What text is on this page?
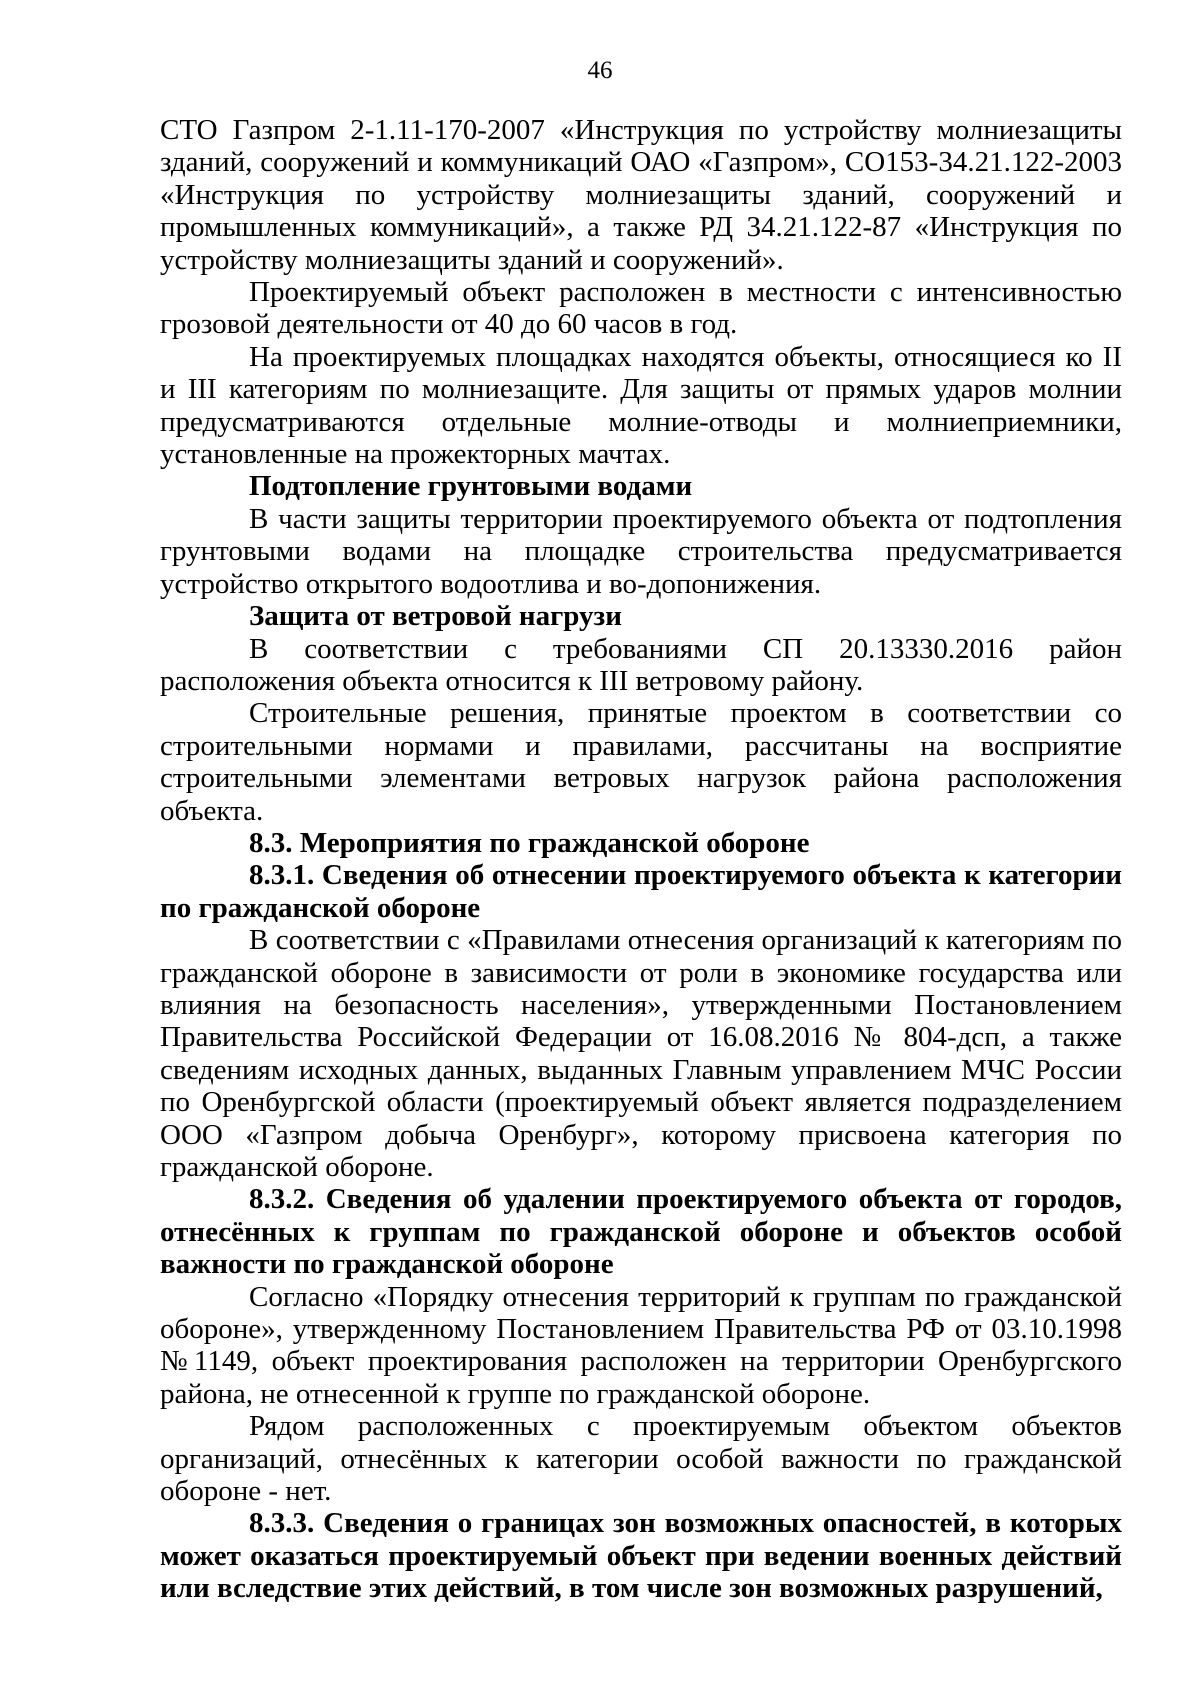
46

СТО Газпром 2-1.11-170-2007 «Инструкция по устройству молниезащиты зданий, сооружений и коммуникаций ОАО «Газпром», СО153-34.21.122-2003 «Инструкция по устройству молниезащиты зданий, сооружений и промышленных коммуникаций», а также РД 34.21.122-87 «Инструкция по устройству молниезащиты зданий и сооружений».

Проектируемый объект расположен в местности с интенсивностью грозовой деятельности от 40 до 60 часов в год.

На проектируемых площадках находятся объекты, относящиеся ко II и III категориям по молниезащите. Для защиты от прямых ударов молнии предусматриваются отдельные молние-отводы и молниеприемники, установленные на прожекторных мачтах.

Подтопление грунтовыми водами

В части защиты территории проектируемого объекта от подтопления грунтовыми водами на площадке строительства предусматривается устройство открытого водоотлива и во-допонижения.

Защита от ветровой нагрузи

В соответствии с требованиями СП 20.13330.2016 район расположения объекта относится к III ветровому району.

Строительные решения, принятые проектом в соответствии со строительными нормами и правилами, рассчитаны на восприятие строительными элементами ветровых нагрузок района расположения объекта.

8.3. Мероприятия по гражданской обороне

8.3.1. Сведения об отнесении проектируемого объекта к категории по гражданской обороне

В соответствии с «Правилами отнесения организаций к категориям по гражданской обороне в зависимости от роли в экономике государства или влияния на безопасность населения», утвержденными Постановлением Правительства Российской Федерации от 16.08.2016 № 804-дсп, а также сведениям исходных данных, выданных Главным управлением МЧС России по Оренбургской области (проектируемый объект является подразделением ООО «Газпром добыча Оренбург», которому присвоена категория по гражданской обороне.

8.3.2. Сведения об удалении проектируемого объекта от городов, отнесённых к группам по гражданской обороне и объектов особой важности по гражданской обороне

Согласно «Порядку отнесения территорий к группам по гражданской обороне», утвержденному Постановлением Правительства РФ от 03.10.1998 №1149, объект проектирования расположен на территории Оренбургского района, не отнесенной к группе по гражданской обороне.

Рядом расположенных с проектируемым объектом объектов организаций, отнесённых к категории особой важности по гражданской обороне - нет.

8.3.3. Сведения о границах зон возможных опасностей, в которых может оказаться проектируемый объект при ведении военных действий или вследствие этих действий, в том числе зон возможных разрушений,
